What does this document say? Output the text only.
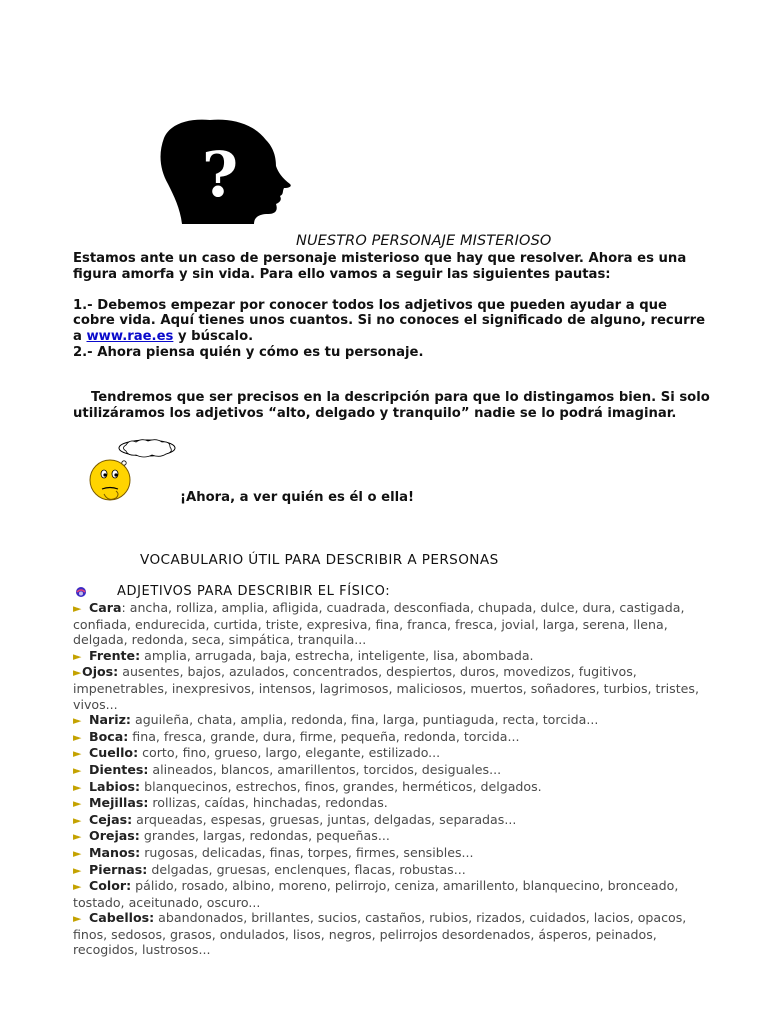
?
NUESTRO PERSONAJE MISTERIOSO

Estamos ante un caso de personaje misterioso que hay que resolver. Ahora es una figura amorfa y sin vida. Para ello vamos a seguir las siguientes pautas:

1.- Debemos empezar por conocer todos los adjetivos que pueden ayudar a que cobre vida. Aquí tienes unos cuantos. Si no conoces el significado de alguno, recurre a www.rae.es y búscalo.

2.- Ahora piensa quién y cómo es tu personaje.

Tendremos que ser precisos en la descripción para que lo distingamos bien. Si solo utilizáramos los adjetivos “alto, delgado y tranquilo” nadie se lo podrá imaginar.
¡Ahora, a ver quién es él o ella!
VOCABULARIO ÚTIL PARA DESCRIBIR A PERSONAS
ADJETIVOS PARA DESCRIBIR EL FÍSICO:

► Cara: ancha, rolliza, amplia, afligida, cuadrada, desconfiada, chupada, dulce, dura, castigada, confiada, endurecida, curtida, triste, expresiva, fina, franca, fresca, jovial, larga, serena, llena, delgada, redonda, seca, simpática, tranquila...

► Frente: amplia, arrugada, baja, estrecha, inteligente, lisa, abombada.

►Ojos: ausentes, bajos, azulados, concentrados, despiertos, duros, movedizos, fugitivos, impenetrables, inexpresivos, intensos, lagrimosos, maliciosos, muertos, soñadores, turbios, tristes, vivos...

► Nariz: aguileña, chata, amplia, redonda, fina, larga, puntiaguda, recta, torcida...

► Boca: fina, fresca, grande, dura, firme, pequeña, redonda, torcida...

► Cuello: corto, fino, grueso, largo, elegante, estilizado...

► Dientes: alineados, blancos, amarillentos, torcidos, desiguales...

► Labios: blanquecinos, estrechos, finos, grandes, herméticos, delgados.

► Mejillas: rollizas, caídas, hinchadas, redondas.

► Cejas: arqueadas, espesas, gruesas, juntas, delgadas, separadas...

► Orejas: grandes, largas, redondas, pequeñas...

► Manos: rugosas, delicadas, finas, torpes, firmes, sensibles...

► Piernas: delgadas, gruesas, enclenques, flacas, robustas...

► Color: pálido, rosado, albino, moreno, pelirrojo, ceniza, amarillento, blanquecino, bronceado, tostado, aceitunado, oscuro...

► Cabellos: abandonados, brillantes, sucios, castaños, rubios, rizados, cuidados, lacios, opacos, finos, sedosos, grasos, ondulados, lisos, negros, pelirrojos desordenados, ásperos, peinados, recogidos, lustrosos...
